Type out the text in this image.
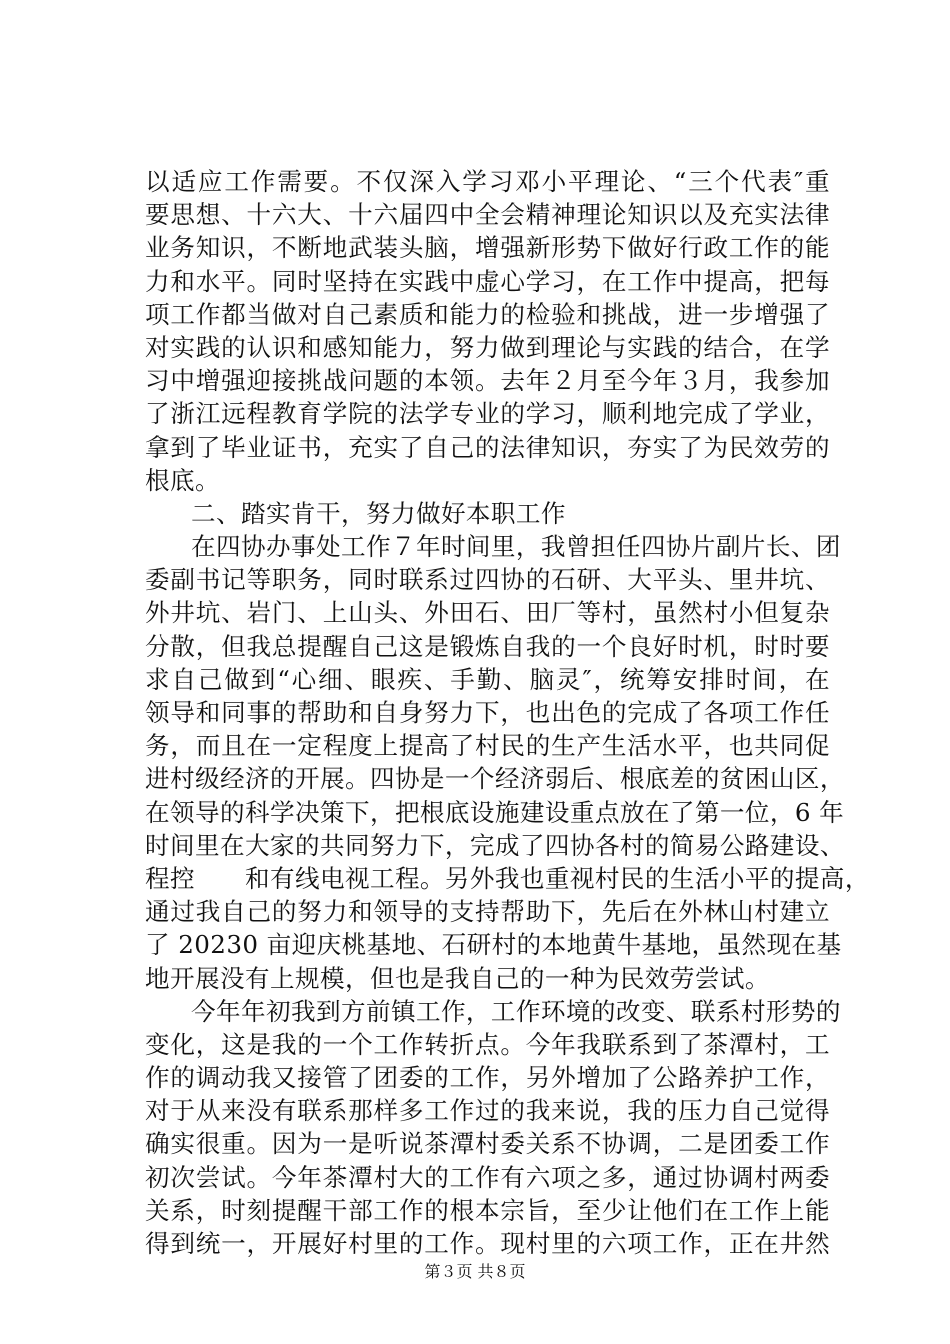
以适应工作需要。不仅深入学习邓小平理论、“三个代表″重
要思想、十六大、十六届四中全会精神理论知识以及充实法律
业务知识，不断地武装头脑，增强新形势下做好行政工作的能
力和水平。同时坚持在实践中虚心学习，在工作中提高，把每
项工作都当做对自己素质和能力的检验和挑战，进一步增强了
对实践的认识和感知能力，努力做到理论与实践的结合，在学
习中增强迎接挑战问题的本领。去年２月至今年３月，我参加
了浙江远程教育学院的法学专业的学习，顺利地完成了学业，
拿到了毕业证书，充实了自己的法律知识，夯实了为民效劳的
根底。
二、踏实肯干，努力做好本职工作
在四协办事处工作７年时间里，我曾担任四协片副片长、团
委副书记等职务，同时联系过四协的石研、大平头、里井坑、
外井坑、岩门、上山头、外田石、田厂等村，虽然村小但复杂
分散，但我总提醒自己这是锻炼自我的一个良好时机，时时要
求自己做到“心细、眼疾、手勤、脑灵″，统筹安排时间，在
领导和同事的帮助和自身努力下，也出色的完成了各项工作任
务，而且在一定程度上提高了村民的生产生活水平，也共同促
进村级经济的开展。四协是一个经济弱后、根底差的贫困山区，
在领导的科学决策下，把根底设施建设重点放在了第一位，6 年
时间里在大家的共同努力下，完成了四协各村的简易公路建设、
程控　　和有线电视工程。另外我也重视村民的生活小平的提高，
通过我自己的努力和领导的支持帮助下，先后在外林山村建立
了 20230 亩迎庆桃基地、石研村的本地黄牛基地，虽然现在基
地开展没有上规模，但也是我自己的一种为民效劳尝试。
今年年初我到方前镇工作，工作环境的改变、联系村形势的
变化，这是我的一个工作转折点。今年我联系到了茶潭村，工
作的调动我又接管了团委的工作，另外增加了公路养护工作，
对于从来没有联系那样多工作过的我来说，我的压力自己觉得
确实很重。因为一是听说茶潭村委关系不协调，二是团委工作
初次尝试。今年茶潭村大的工作有六项之多，通过协调村两委
关系，时刻提醒干部工作的根本宗旨，至少让他们在工作上能
得到统一，开展好村里的工作。现村里的六项工作，正在井然
第３页 共８页
